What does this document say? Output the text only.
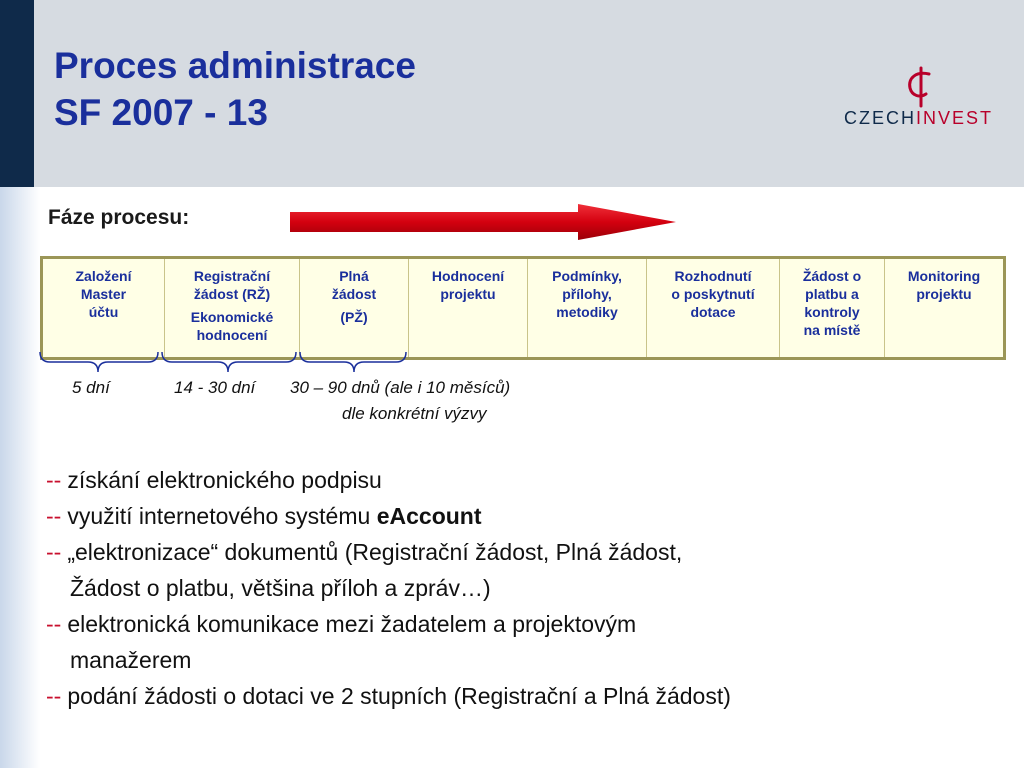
Proces administrace
SF 2007 - 13	CZECHINVEST
Fáze procesu:
Založení
Master
účtu

Registrační
žádost (RŽ)
Ekonomické
hodnocení

Plná
žádost
(PŽ)

Hodnocení
projektu

Podmínky,
přílohy,
metodiky

Rozhodnutí
o poskytnutí
dotace

Žádost o
platbu a
kontroly
na místě

Monitoring
projektu
5 dní	14 - 30 dní 30 – 90 dnů (ale i 10 měsíců)
dle konkrétní výzvy
-- získání elektronického podpisu
-- využití internetového systému eAccount
-- „elektronizace“ dokumentů (Registrační žádost, Plná žádost,
Žádost o platbu, většina příloh a zpráv…)
-- elektronická komunikace mezi žadatelem a projektovým
manažerem
-- podání žádosti o dotaci ve 2 stupních (Registrační a Plná žádost)
